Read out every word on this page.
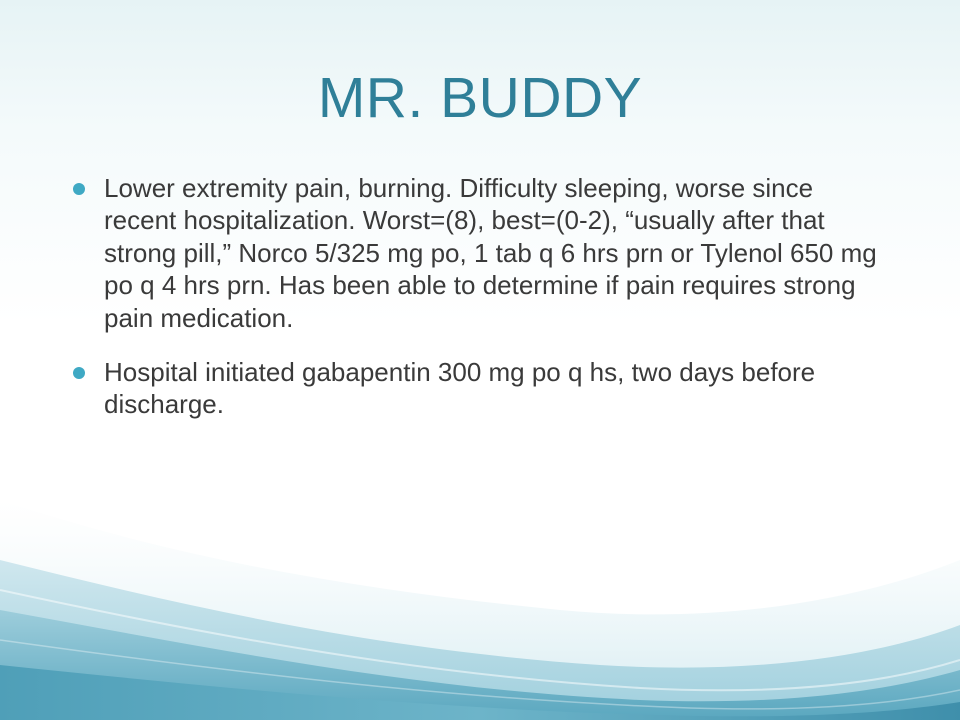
MR. BUDDY
Lower extremity pain, burning. Difficulty sleeping, worse since recent hospitalization. Worst=(8), best=(0-2), “usually after that strong pill,” Norco 5/325 mg po, 1 tab q 6 hrs prn or Tylenol 650 mg po q 4 hrs prn. Has been able to determine if pain requires strong pain medication.
Hospital initiated gabapentin 300 mg po q hs, two days before discharge.
